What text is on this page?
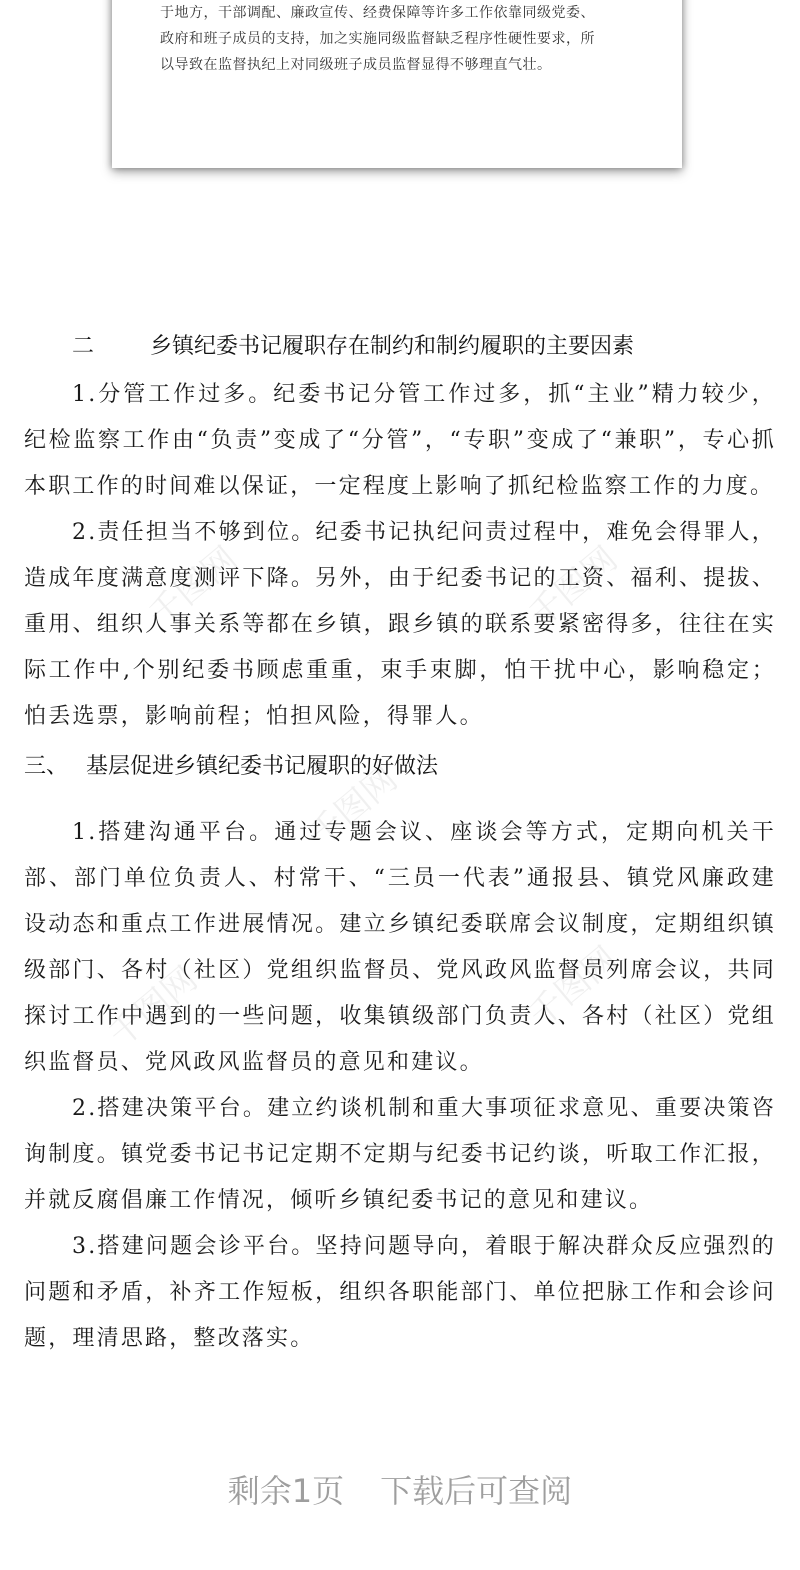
于地方，干部调配、廉政宣传、经费保障等许多工作依靠同级党委、
政府和班子成员的支持，加之实施同级监督缺乏程序性硬性要求，所
以导致在监督执纪上对同级班子成员监督显得不够理直气壮。
千图网	千图网
千图网
千图网	千图网
二	乡镇纪委书记履职存在制约和制约履职的主要因素

1.分管工作过多。纪委书记分管工作过多，抓“主业”精力较少，纪检监察工作由“负责”变成了“分管”，“专职”变成了“兼职”，专心抓本职工作的时间难以保证，一定程度上影响了抓纪检监察工作的力度。

2.责任担当不够到位。纪委书记执纪问责过程中，难免会得罪人，造成年度满意度测评下降。另外，由于纪委书记的工资、福利、提拔、重用、组织人事关系等都在乡镇，跟乡镇的联系要紧密得多，往往在实际工作中,个别纪委书顾虑重重，束手束脚，怕干扰中心，影响稳定；怕丢选票，影响前程；怕担风险，得罪人。

三、 基层促进乡镇纪委书记履职的好做法

1.搭建沟通平台。通过专题会议、座谈会等方式，定期向机关干部、部门单位负责人、村常干、“三员一代表”通报县、镇党风廉政建设动态和重点工作进展情况。建立乡镇纪委联席会议制度，定期组织镇级部门、各村（社区）党组织监督员、党风政风监督员列席会议，共同探讨工作中遇到的一些问题，收集镇级部门负责人、各村（社区）党组织监督员、党风政风监督员的意见和建议。

2.搭建决策平台。建立约谈机制和重大事项征求意见、重要决策咨询制度。镇党委书记书记定期不定期与纪委书记约谈，听取工作汇报，并就反腐倡廉工作情况，倾听乡镇纪委书记的意见和建议。

3.搭建问题会诊平台。坚持问题导向，着眼于解决群众反应强烈的问题和矛盾，补齐工作短板，组织各职能部门、单位把脉工作和会诊问题，理清思路，整改落实。

剩余1页 下载后可查阅
